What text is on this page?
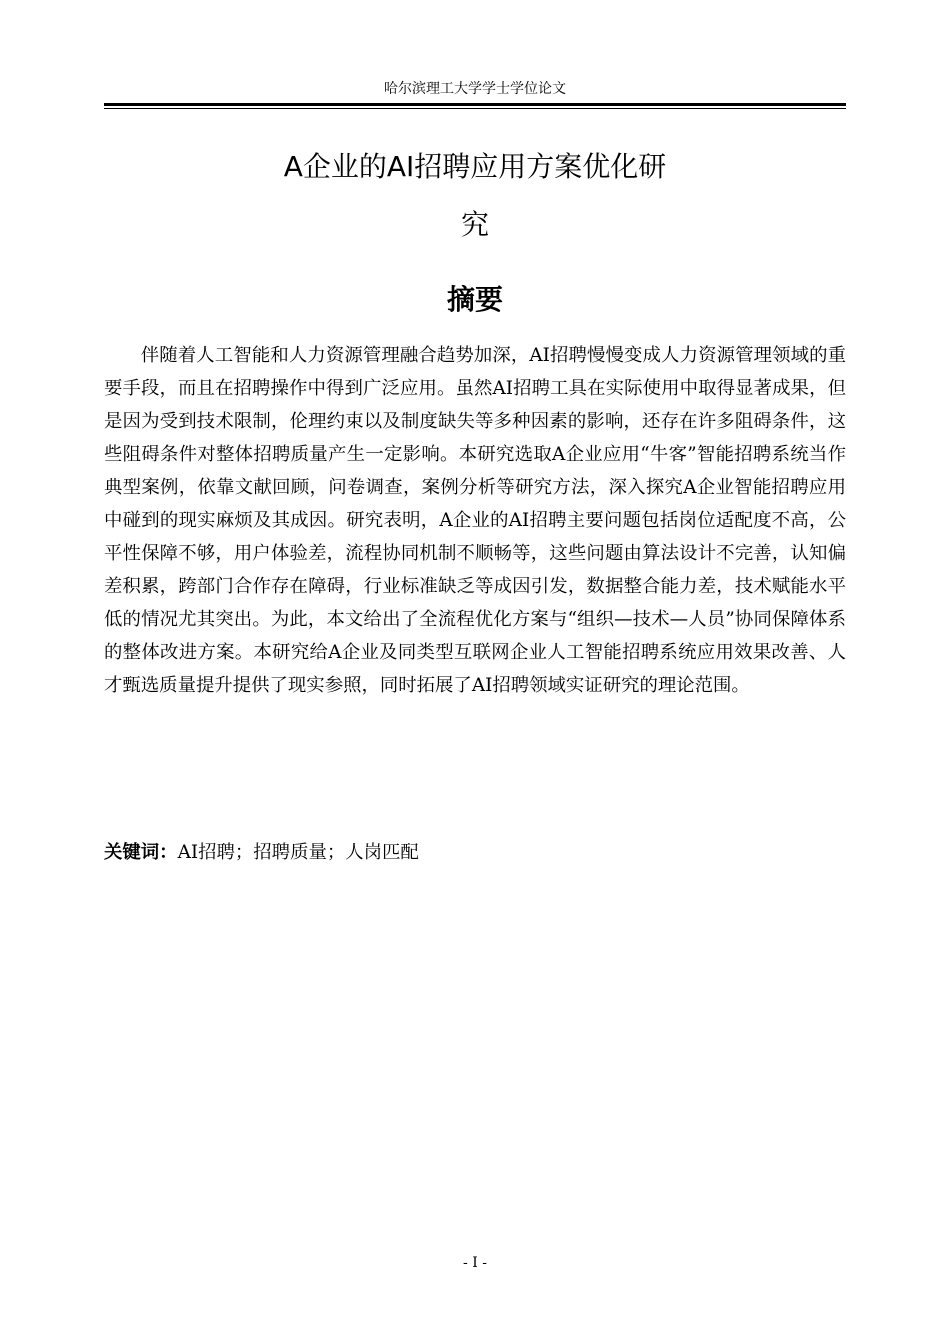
哈尔滨理工大学学士学位论文
A企业的AI招聘应用方案优化研
究
摘要

伴随着人工智能和人力资源管理融合趋势加深，AI招聘慢慢变成人力资源管理领域的重要手段，而且在招聘操作中得到广泛应用。虽然AI招聘工具在实际使用中取得显著成果，但是因为受到技术限制，伦理约束以及制度缺失等多种因素的影响，还存在许多阻碍条件，这些阻碍条件对整体招聘质量产生一定影响。本研究选取A企业应用“牛客”智能招聘系统当作典型案例，依靠文献回顾，问卷调查，案例分析等研究方法，深入探究A企业智能招聘应用中碰到的现实麻烦及其成因。研究表明，A企业的AI招聘主要问题包括岗位适配度不高，公平性保障不够，用户体验差，流程协同机制不顺畅等，这些问题由算法设计不完善，认知偏差积累，跨部门合作存在障碍，行业标准缺乏等成因引发，数据整合能力差，技术赋能水平低的情况尤其突出。为此，本文给出了全流程优化方案与“组织—技术—人员”协同保障体系的整体改进方案。本研究给A企业及同类型互联网企业人工智能招聘系统应用效果改善、人才甄选质量提升提供了现实参照，同时拓展了AI招聘领域实证研究的理论范围。

关键词：AI招聘；招聘质量；人岗匹配

- I -
